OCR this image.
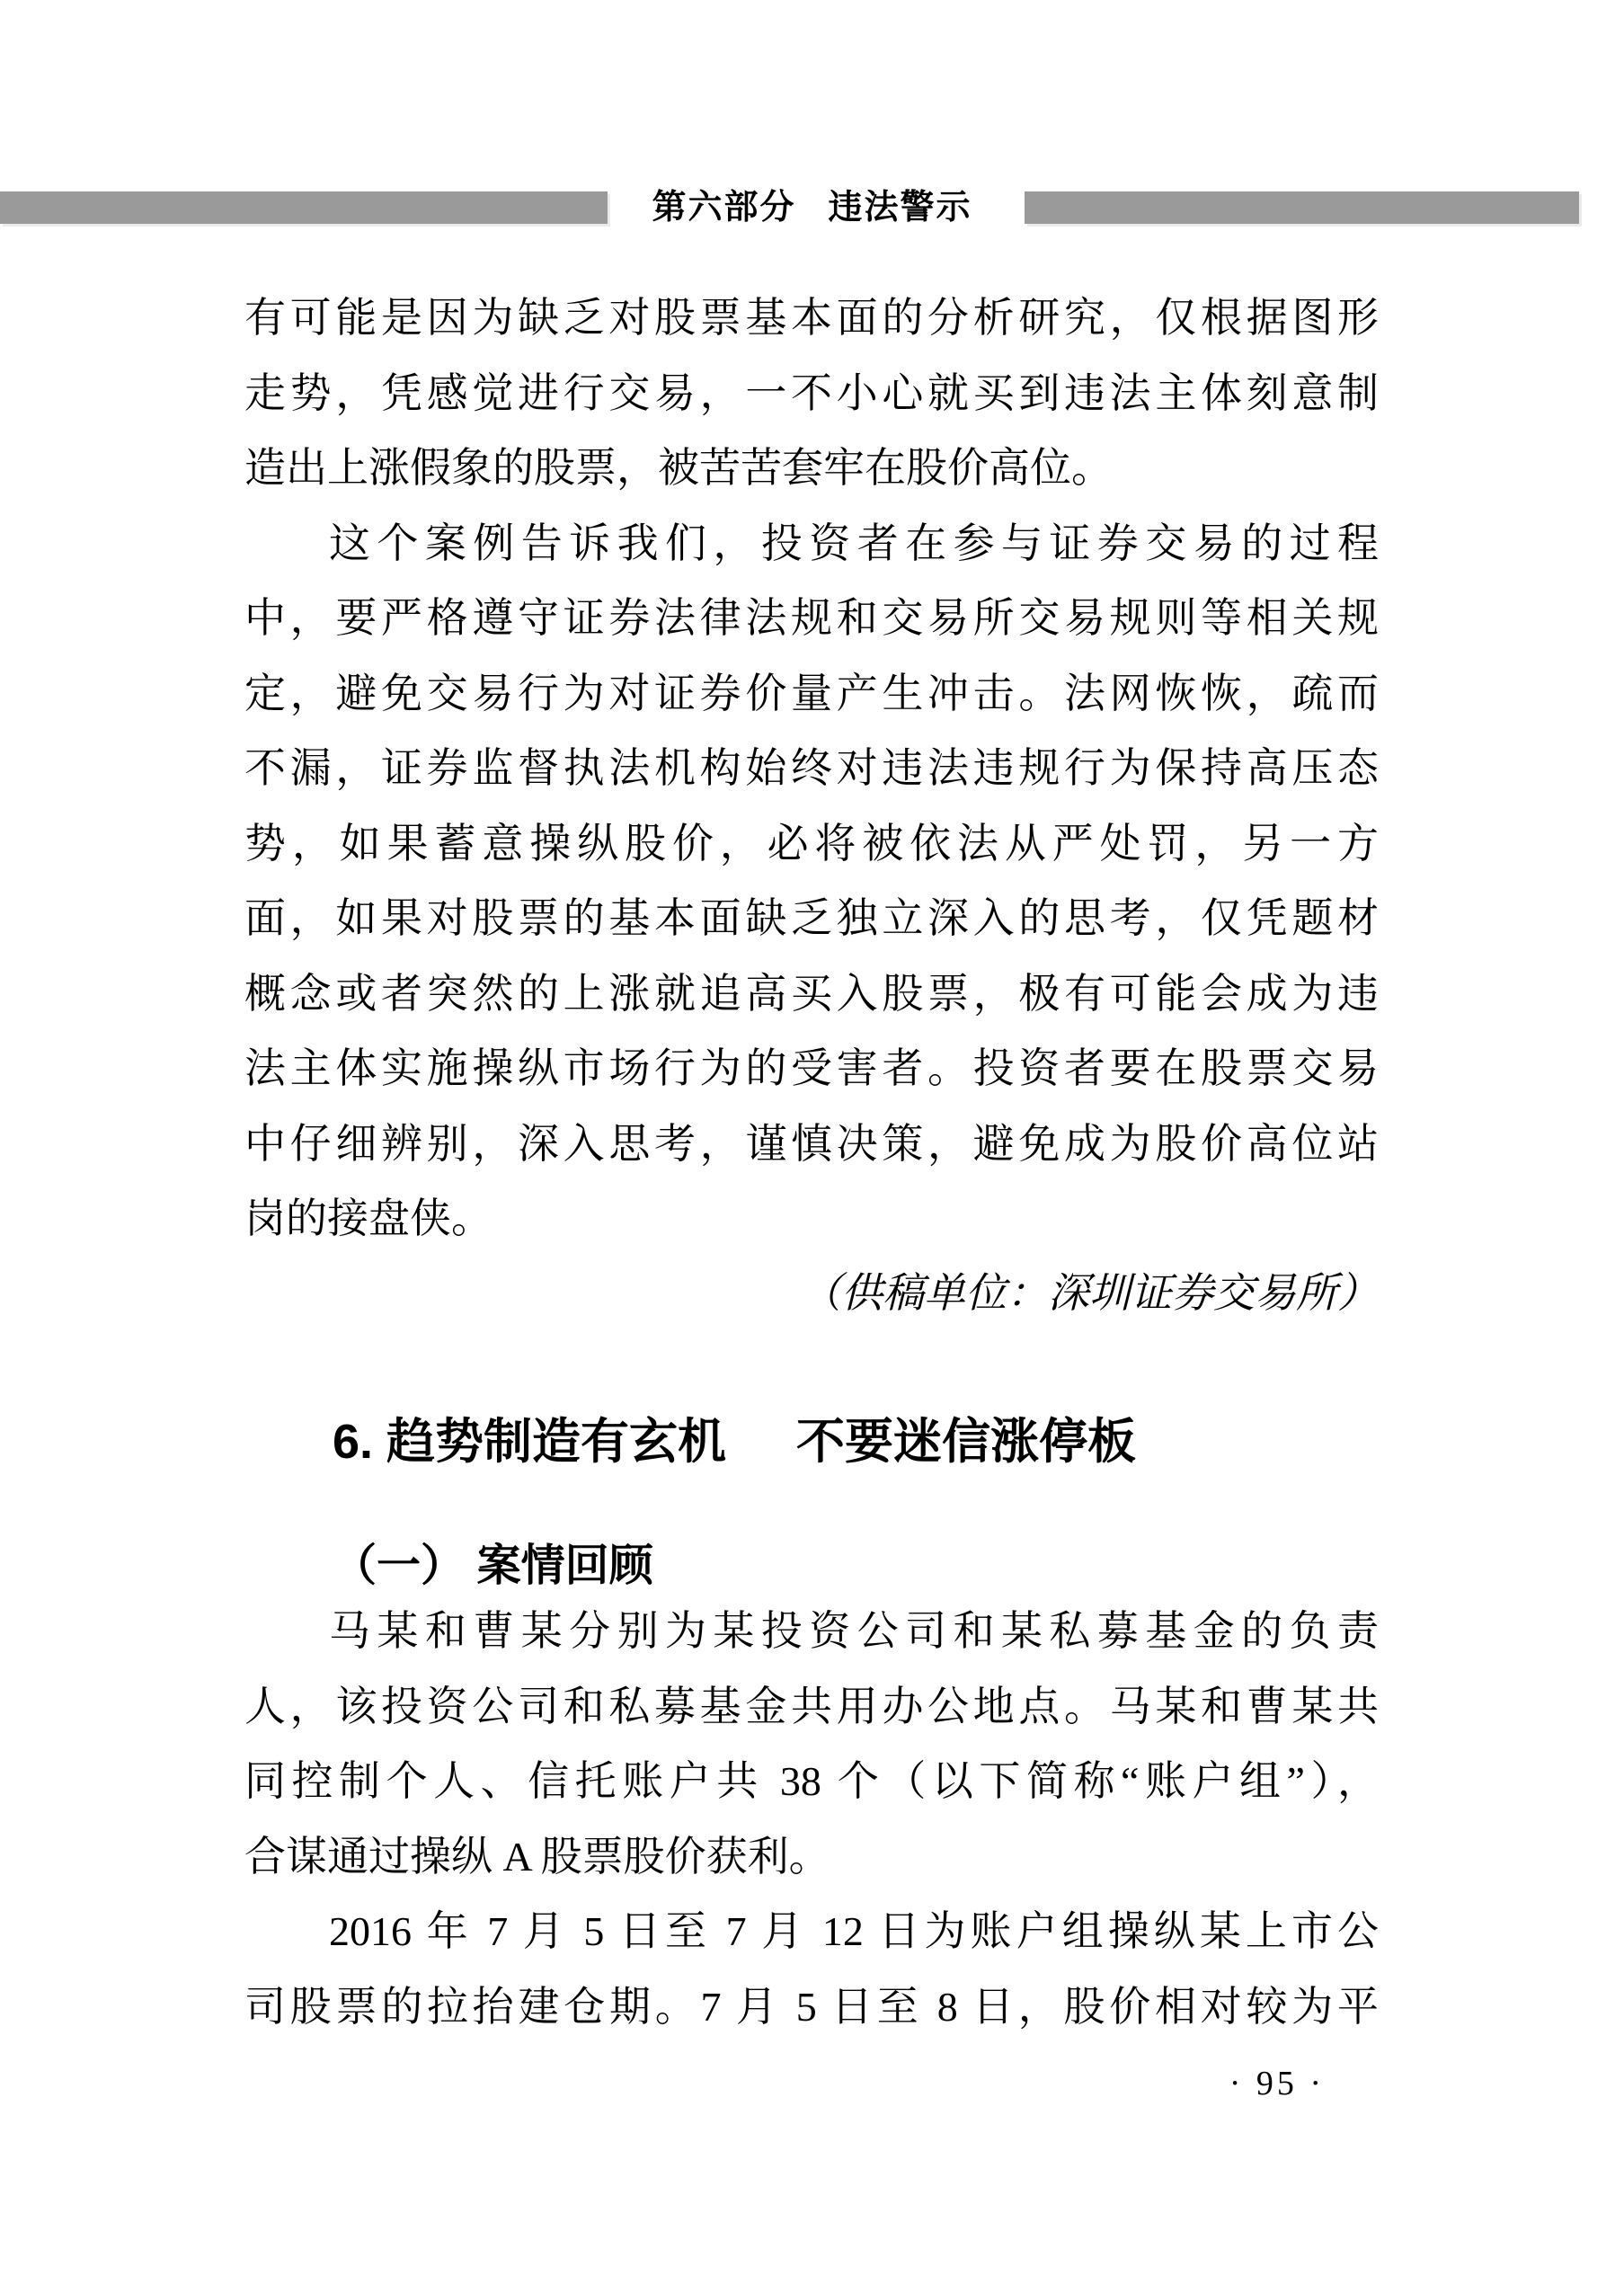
第六部分 违法警示
有可能是因为缺乏对股票基本面的分析研究，仅根据图形
走势，凭感觉进行交易，一不小心就买到违法主体刻意制
造出上涨假象的股票，被苦苦套牢在股价高位。
这个案例告诉我们，投资者在参与证券交易的过程
中，要严格遵守证券法律法规和交易所交易规则等相关规
定，避免交易行为对证券价量产生冲击。法网恢恢，疏而
不漏，证券监督执法机构始终对违法违规行为保持高压态
势，如果蓄意操纵股价，必将被依法从严处罚，另一方
面，如果对股票的基本面缺乏独立深入的思考，仅凭题材
概念或者突然的上涨就追高买入股票，极有可能会成为违
法主体实施操纵市场行为的受害者。投资者要在股票交易
中仔细辨别，深入思考，谨慎决策，避免成为股价高位站
岗的接盘侠。
（供稿单位：深圳证券交易所）
6. 趋势制造有玄机 不要迷信涨停板
（一） 案情回顾
马某和曹某分别为某投资公司和某私募基金的负责
人，该投资公司和私募基金共用办公地点。马某和曹某共
同控制个人、信托账户共 38 个（以下简称“账户组”），
合谋通过操纵 A 股票股价获利。
2016 年 7 月 5 日至 7 月 12 日为账户组操纵某上市公
司股票的拉抬建仓期。7 月 5 日至 8 日，股价相对较为平
· 95 ·
